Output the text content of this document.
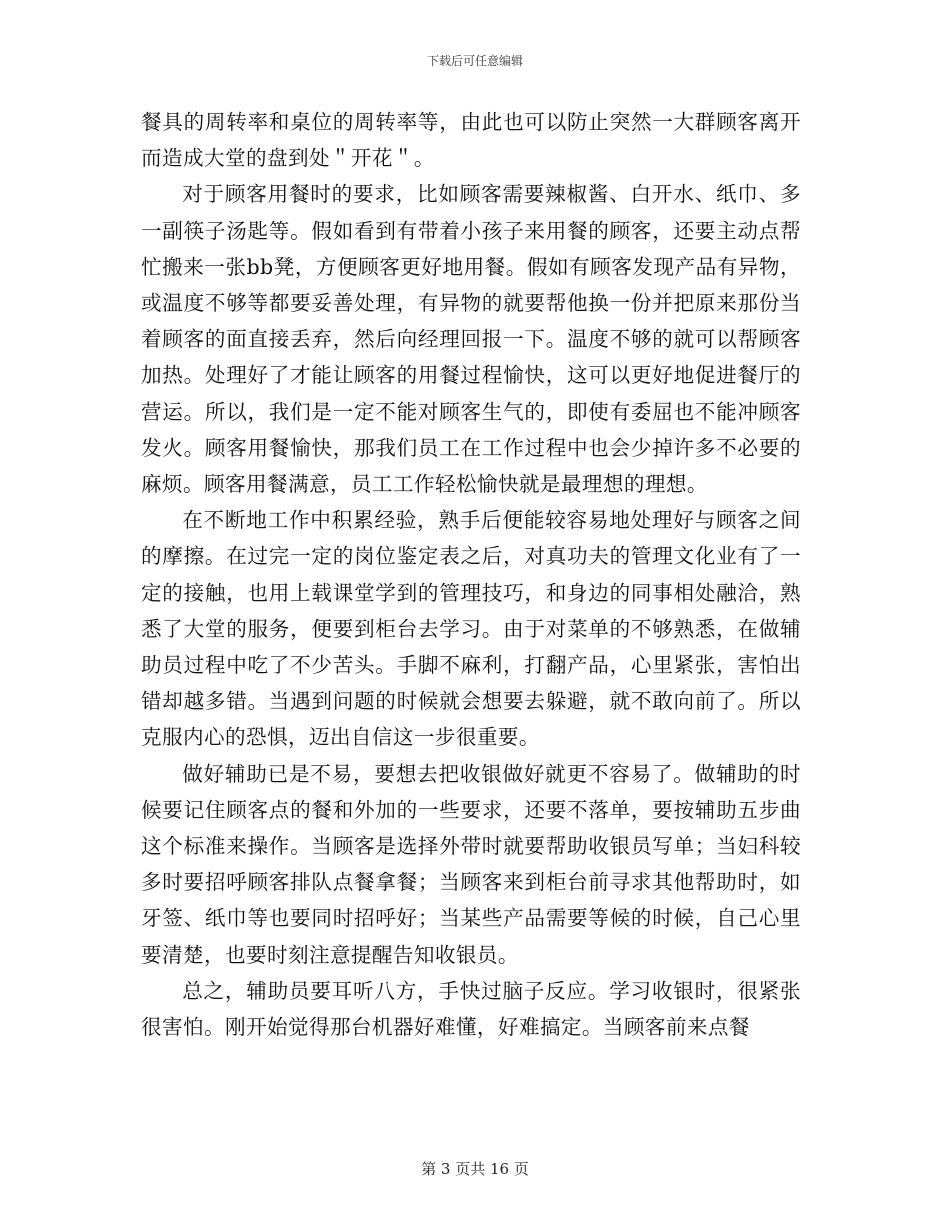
下载后可任意编辑

餐具的周转率和桌位的周转率等，由此也可以防止突然一大群顾客离开而造成大堂的盘到处＂开花＂。

对于顾客用餐时的要求，比如顾客需要辣椒酱、白开水、纸巾、多一副筷子汤匙等。假如看到有带着小孩子来用餐的顾客，还要主动点帮忙搬来一张bb凳，方便顾客更好地用餐。假如有顾客发现产品有异物，或温度不够等都要妥善处理，有异物的就要帮他换一份并把原来那份当着顾客的面直接丢弃，然后向经理回报一下。温度不够的就可以帮顾客加热。处理好了才能让顾客的用餐过程愉快，这可以更好地促进餐厅的营运。所以，我们是一定不能对顾客生气的，即使有委屈也不能冲顾客发火。顾客用餐愉快，那我们员工在工作过程中也会少掉许多不必要的麻烦。顾客用餐满意，员工工作轻松愉快就是最理想的理想。

在不断地工作中积累经验，熟手后便能较容易地处理好与顾客之间的摩擦。在过完一定的岗位鉴定表之后，对真功夫的管理文化业有了一定的接触，也用上载课堂学到的管理技巧，和身边的同事相处融洽，熟悉了大堂的服务，便要到柜台去学习。由于对菜单的不够熟悉，在做辅助员过程中吃了不少苦头。手脚不麻利，打翻产品，心里紧张，害怕出错却越多错。当遇到问题的时候就会想要去躲避，就不敢向前了。所以克服内心的恐惧，迈出自信这一步很重要。

做好辅助已是不易，要想去把收银做好就更不容易了。做辅助的时候要记住顾客点的餐和外加的一些要求，还要不落单，要按辅助五步曲这个标准来操作。当顾客是选择外带时就要帮助收银员写单；当妇科较多时要招呼顾客排队点餐拿餐；当顾客来到柜台前寻求其他帮助时，如牙签、纸巾等也要同时招呼好；当某些产品需要等候的时候，自己心里要清楚，也要时刻注意提醒告知收银员。

总之，辅助员要耳听八方，手快过脑子反应。学习收银时，很紧张很害怕。刚开始觉得那台机器好难懂，好难搞定。当顾客前来点餐

第 3 页共 16 页
